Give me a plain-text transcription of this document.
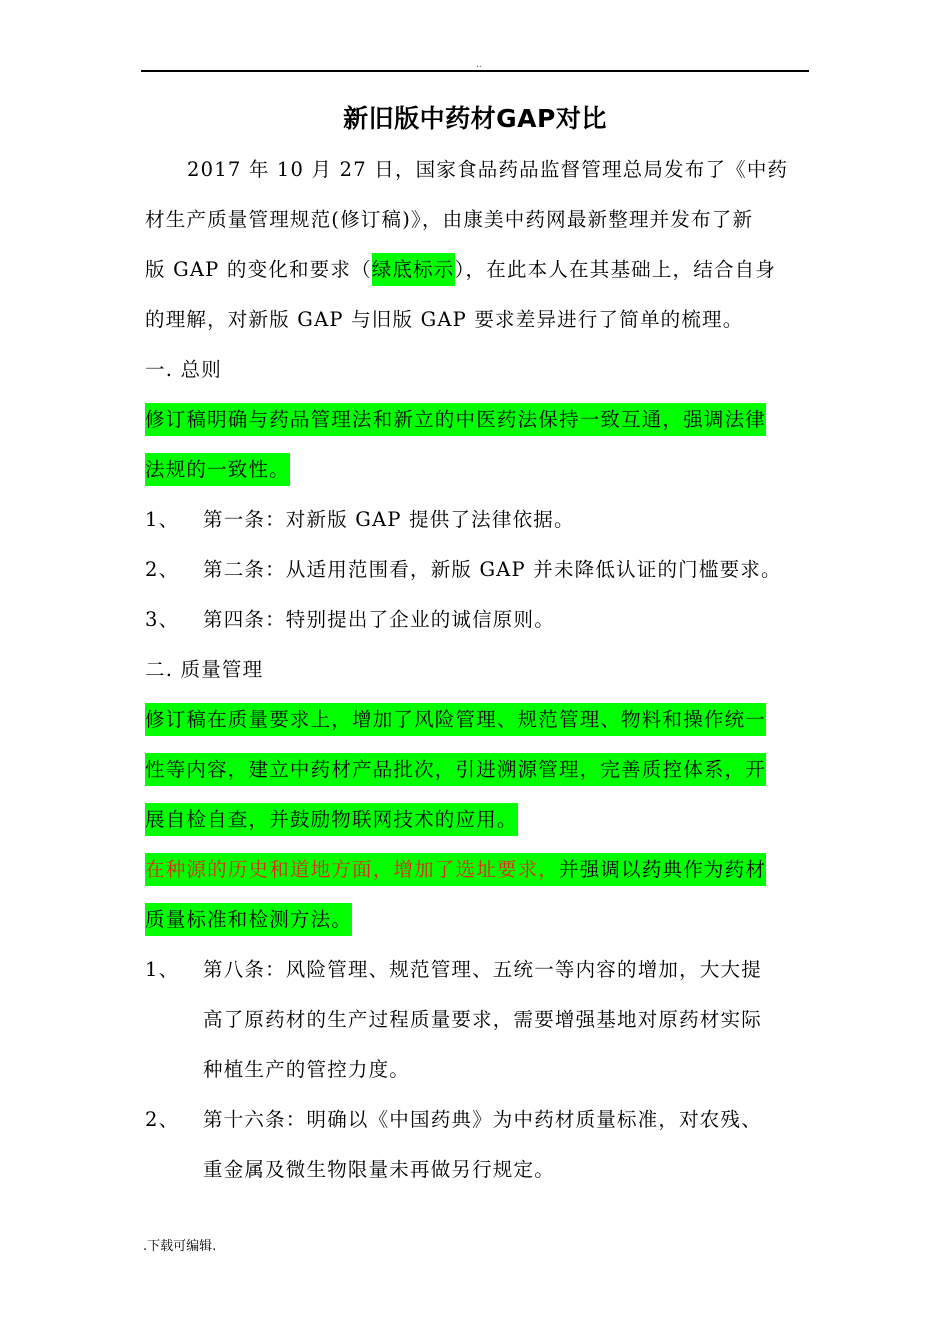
..
新旧版中药材GAP对比
2017 年 10 月 27 日，国家食品药品监督管理总局发布了《中药
材生产质量管理规范(修订稿)》，由康美中药网最新整理并发布了新
版 GAP 的变化和要求（绿底标示），在此本人在其基础上，结合自身
的理解，对新版 GAP 与旧版 GAP 要求差异进行了简单的梳理。
一. 总则
修订稿明确与药品管理法和新立的中医药法保持一致互通，强调法律
法规的一致性。
1、 第一条：对新版 GAP 提供了法律依据。
2、 第二条：从适用范围看，新版 GAP 并未降低认证的门槛要求。
3、 第四条：特别提出了企业的诚信原则。
二. 质量管理
修订稿在质量要求上，增加了风险管理、规范管理、物料和操作统一
性等内容，建立中药材产品批次，引进溯源管理，完善质控体系，开
展自检自查，并鼓励物联网技术的应用。
在种源的历史和道地方面，增加了选址要求，并强调以药典作为药材
质量标准和检测方法。
1、 第八条：风险管理、规范管理、五统一等内容的增加，大大提
高了原药材的生产过程质量要求，需要增强基地对原药材实际
种植生产的管控力度。
2、 第十六条：明确以《中国药典》为中药材质量标准，对农残、
重金属及微生物限量未再做另行规定。
.下载可编辑.
